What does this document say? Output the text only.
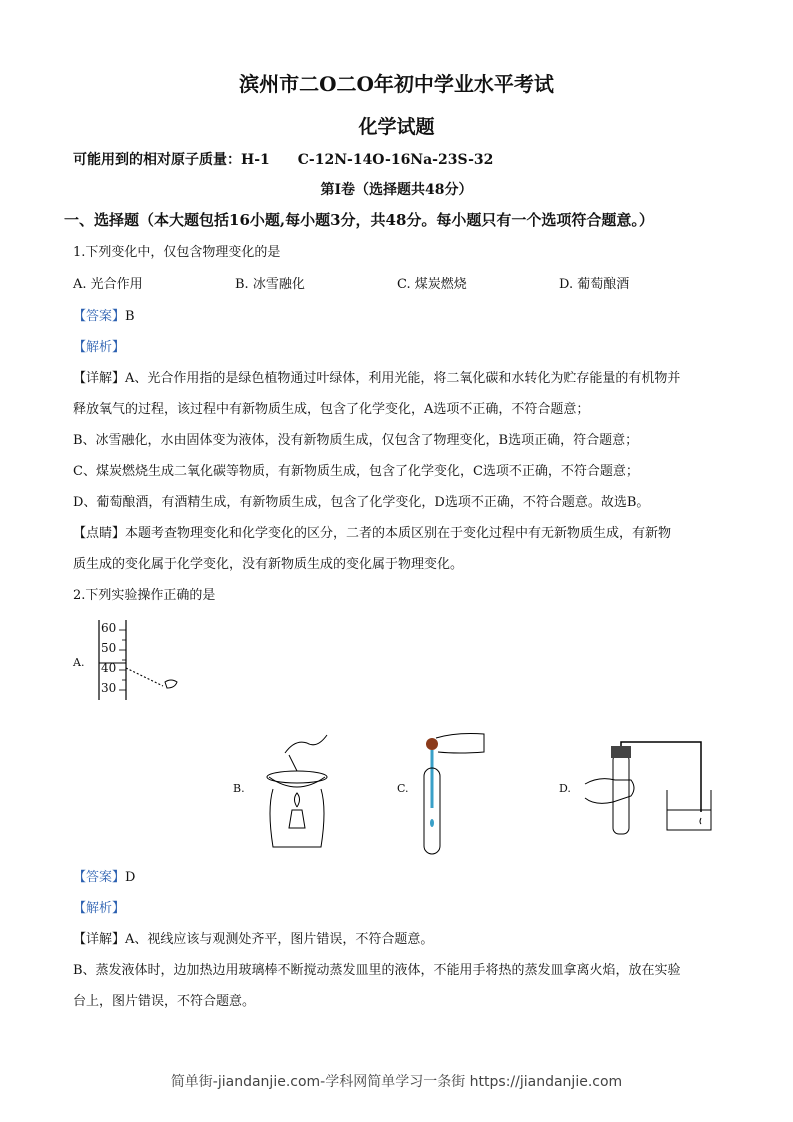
滨州市二O二O年初中学业水平考试
化学试题
可能用到的相对原子质量：H-1　　C-12N-14O-16Na-23S-32
第I卷（选择题共48分）
一、选择题（本大题包括16小题,每小题3分，共48分。每小题只有一个选项符合题意。）
1.下列变化中，仅包含物理变化的是
A. 光合作用	B. 冰雪融化	C. 煤炭燃烧	D. 葡萄酿酒
【答案】B
【解析】
【详解】A、光合作用指的是绿色植物通过叶绿体，利用光能，将二氧化碳和水转化为贮存能量的有机物并
释放氧气的过程，该过程中有新物质生成，包含了化学变化，A选项不正确，不符合题意；
B、冰雪融化，水由固体变为液体，没有新物质生成，仅包含了物理变化，B选项正确，符合题意；
C、煤炭燃烧生成二氧化碳等物质，有新物质生成，包含了化学变化，C选项不正确，不符合题意；
D、葡萄酿酒，有酒精生成，有新物质生成，包含了化学变化，D选项不正确，不符合题意。故选B。
【点睛】本题考查物理变化和化学变化的区分，二者的本质区别在于变化过程中有无新物质生成，有新物
质生成的变化属于化学变化，没有新物质生成的变化属于物理变化。
2.下列实验操作正确的是
A.
60
50
40
30
B.	C.	D.
【答案】D
【解析】
【详解】A、视线应该与观测处齐平，图片错误，不符合题意。
B、蒸发液体时，边加热边用玻璃棒不断搅动蒸发皿里的液体，不能用手将热的蒸发皿拿离火焰，放在实验
台上，图片错误，不符合题意。
简单街-jiandanjie.com-学科网简单学习一条街 https://jiandanjie.com
